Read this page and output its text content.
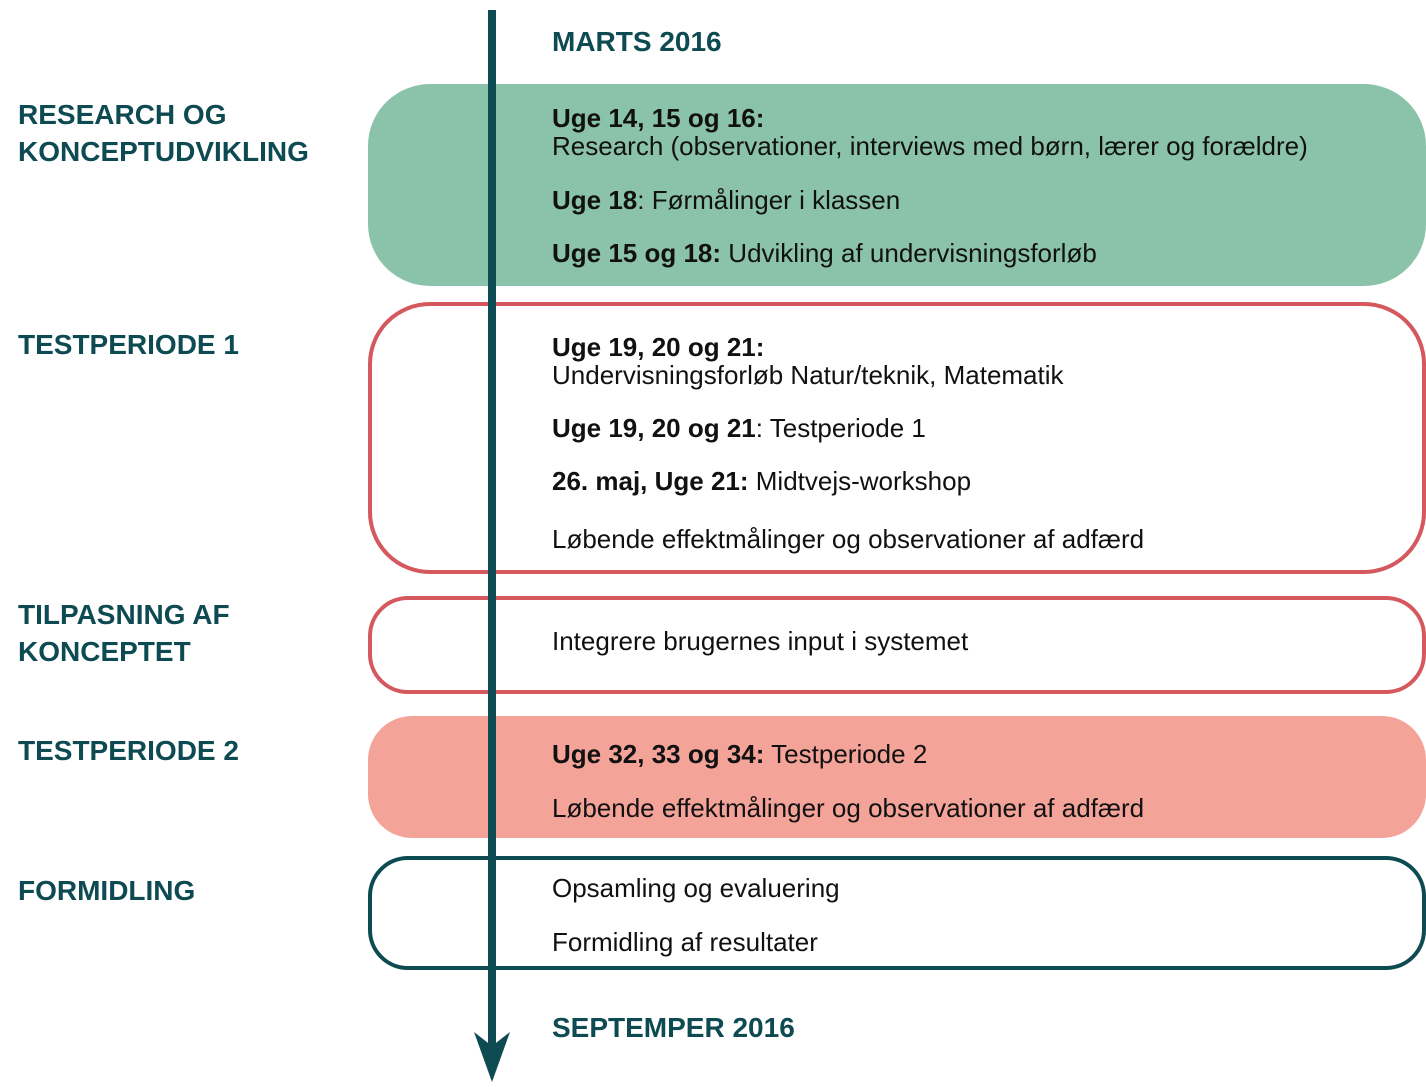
MARTS 2016
SEPTEMPER 2016
RESEARCH OG
KONCEPTUDVIKLING
TESTPERIODE 1
TILPASNING AF
KONCEPTET
TESTPERIODE 2
FORMIDLING
Uge 14, 15 og 16:
Research (observationer, interviews med børn, lærer og forældre)
Uge 18: Førmålinger i klassen
Uge 15 og 18: Udvikling af undervisningsforløb
Uge 19, 20 og 21:
Undervisningsforløb Natur/teknik, Matematik
Uge 19, 20 og 21: Testperiode 1
26. maj, Uge 21: Midtvejs-workshop
Løbende effektmålinger og observationer af adfærd
Integrere brugernes input i systemet
Uge 32, 33 og 34: Testperiode 2
Løbende effektmålinger og observationer af adfærd
Opsamling og evaluering
Formidling af resultater
